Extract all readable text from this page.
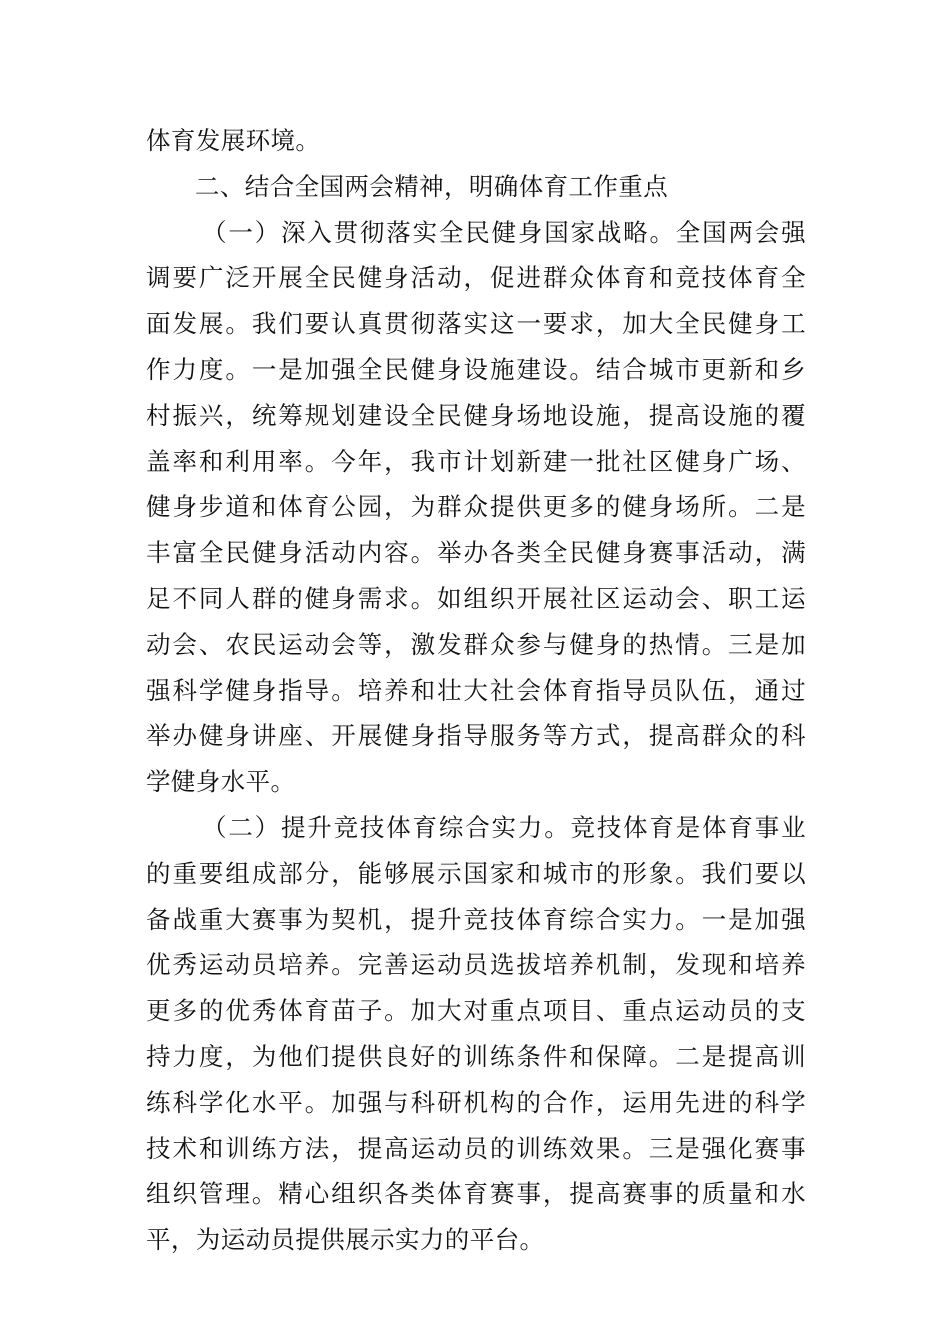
体育发展环境。
二、结合全国两会精神，明确体育工作重点
（一）深入贯彻落实全民健身国家战略。全国两会强
调要广泛开展全民健身活动，促进群众体育和竞技体育全
面发展。我们要认真贯彻落实这一要求，加大全民健身工
作力度。一是加强全民健身设施建设。结合城市更新和乡
村振兴，统筹规划建设全民健身场地设施，提高设施的覆
盖率和利用率。今年，我市计划新建一批社区健身广场、
健身步道和体育公园，为群众提供更多的健身场所。二是
丰富全民健身活动内容。举办各类全民健身赛事活动，满
足不同人群的健身需求。如组织开展社区运动会、职工运
动会、农民运动会等，激发群众参与健身的热情。三是加
强科学健身指导。培养和壮大社会体育指导员队伍，通过
举办健身讲座、开展健身指导服务等方式，提高群众的科
学健身水平。
（二）提升竞技体育综合实力。竞技体育是体育事业
的重要组成部分，能够展示国家和城市的形象。我们要以
备战重大赛事为契机，提升竞技体育综合实力。一是加强
优秀运动员培养。完善运动员选拔培养机制，发现和培养
更多的优秀体育苗子。加大对重点项目、重点运动员的支
持力度，为他们提供良好的训练条件和保障。二是提高训
练科学化水平。加强与科研机构的合作，运用先进的科学
技术和训练方法，提高运动员的训练效果。三是强化赛事
组织管理。精心组织各类体育赛事，提高赛事的质量和水
平，为运动员提供展示实力的平台。
